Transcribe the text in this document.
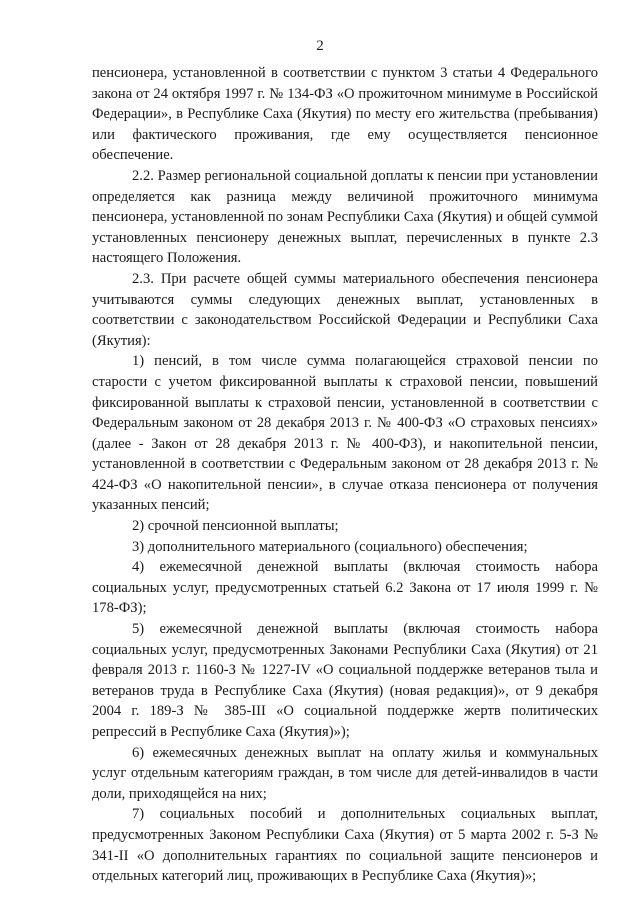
2

пенсионера, установленной в соответствии с пунктом 3 статьи 4 Федерального закона от 24 октября 1997 г. № 134-ФЗ «О прожиточном минимуме в Российской Федерации», в Республике Саха (Якутия) по месту его жительства (пребывания) или фактического проживания, где ему осуществляется пенсионное обеспечение.

2.2. Размер региональной социальной доплаты к пенсии при установлении определяется как разница между величиной прожиточного минимума пенсионера, установленной по зонам Республики Саха (Якутия) и общей суммой установленных пенсионеру денежных выплат, перечисленных в пункте 2.3 настоящего Положения.

2.3. При расчете общей суммы материального обеспечения пенсионера учитываются суммы следующих денежных выплат, установленных в соответствии с законодательством Российской Федерации и Республики Саха (Якутия):

1) пенсий, в том числе сумма полагающейся страховой пенсии по старости с учетом фиксированной выплаты к страховой пенсии, повышений фиксированной выплаты к страховой пенсии, установленной в соответствии с Федеральным законом от 28 декабря 2013 г. № 400-ФЗ «О страховых пенсиях» (далее - Закон от 28 декабря 2013 г. № 400-ФЗ), и накопительной пенсии, установленной в соответствии с Федеральным законом от 28 декабря 2013 г. № 424-ФЗ «О накопительной пенсии», в случае отказа пенсионера от получения указанных пенсий;

2) срочной пенсионной выплаты;

3) дополнительного материального (социального) обеспечения;

4) ежемесячной денежной выплаты (включая стоимость набора социальных услуг, предусмотренных статьей 6.2 Закона от 17 июля 1999 г. № 178-ФЗ);

5) ежемесячной денежной выплаты (включая стоимость набора социальных услуг, предусмотренных Законами Республики Саха (Якутия) от 21 февраля 2013 г. 1160-З № 1227-IV «О социальной поддержке ветеранов тыла и ветеранов труда в Республике Саха (Якутия) (новая редакция)», от 9 декабря 2004 г. 189-З № 385-III «О социальной поддержке жертв политических репрессий в Республике Саха (Якутия)»);

6) ежемесячных денежных выплат на оплату жилья и коммунальных услуг отдельным категориям граждан, в том числе для детей-инвалидов в части доли, приходящейся на них;

7) социальных пособий и дополнительных социальных выплат, предусмотренных Законом Республики Саха (Якутия) от 5 марта 2002 г. 5-З № 341-II «О дополнительных гарантиях по социальной защите пенсионеров и отдельных категорий лиц, проживающих в Республике Саха (Якутия)»;
